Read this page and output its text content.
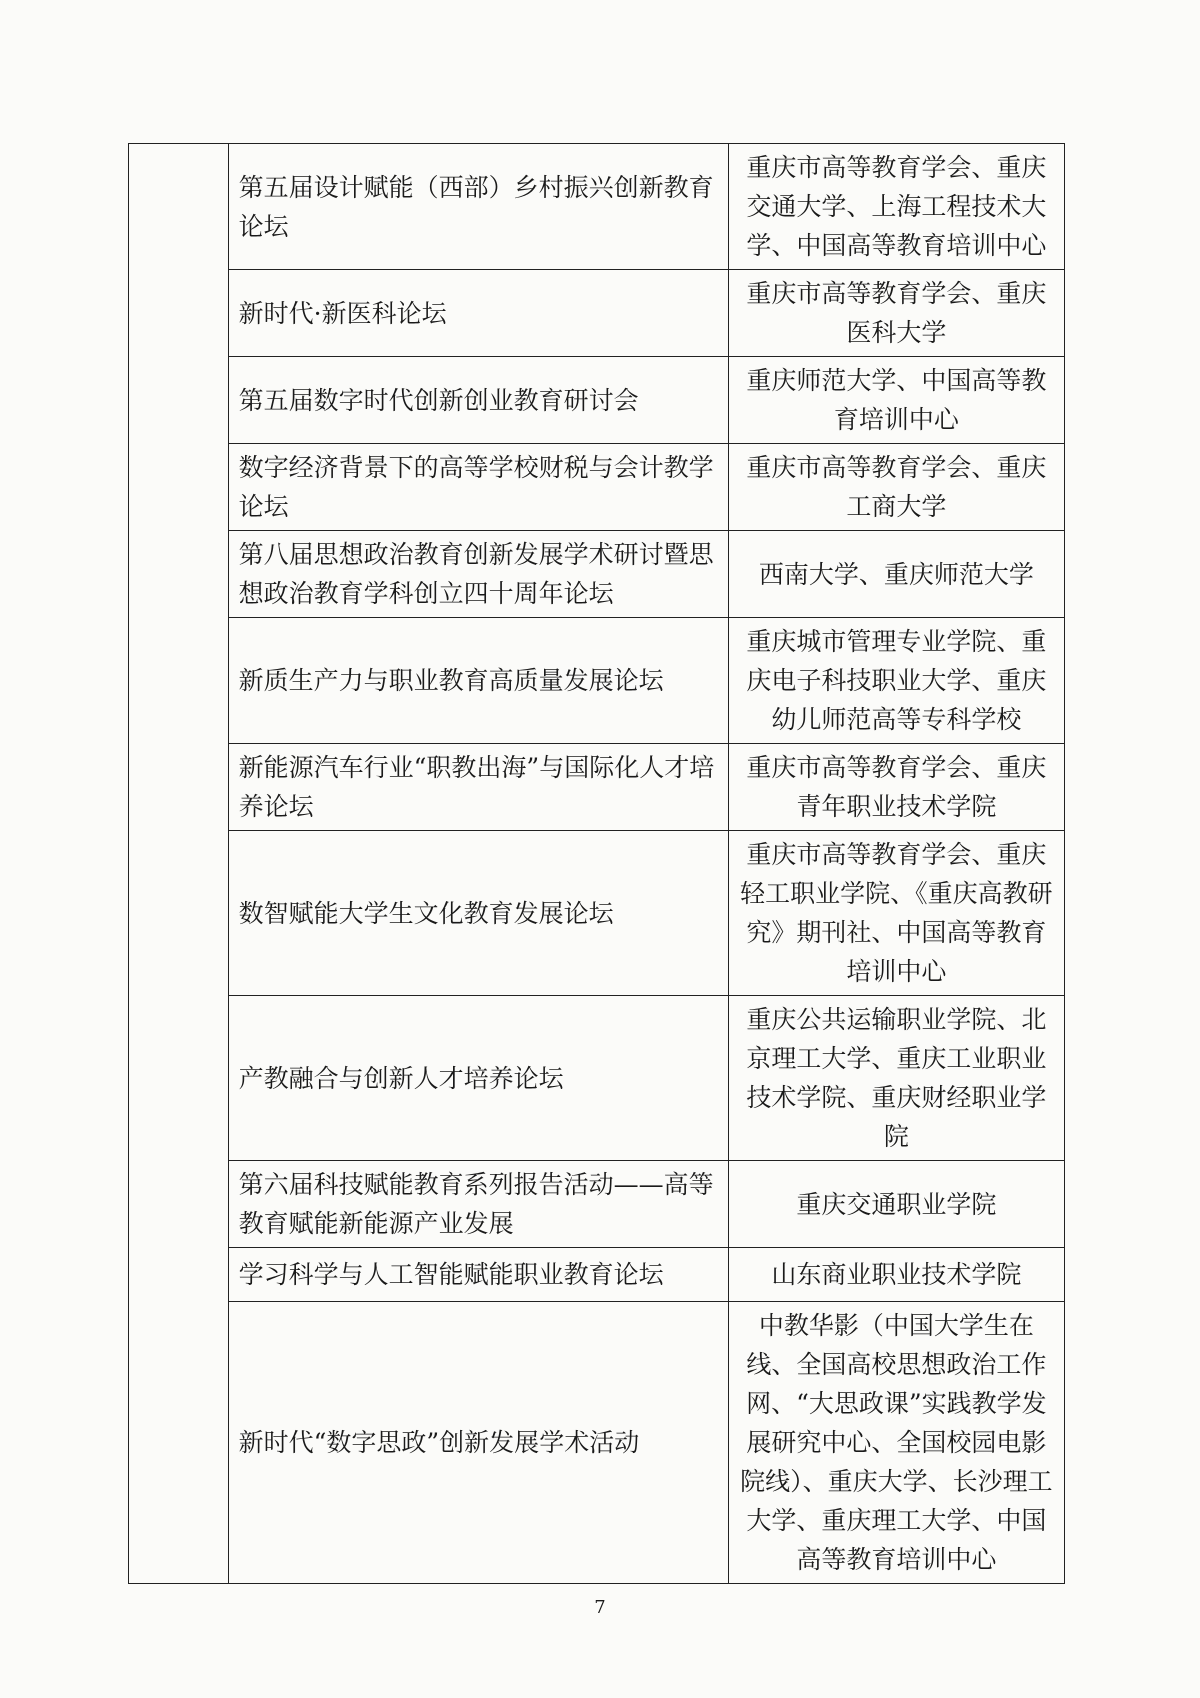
	第五届设计赋能（西部）乡村振兴创新教育论坛	重庆市高等教育学会、重庆交通大学、上海工程技术大学、中国高等教育培训中心
	新时代·新医科论坛	重庆市高等教育学会、重庆医科大学
	第五届数字时代创新创业教育研讨会	重庆师范大学、中国高等教育培训中心
	数字经济背景下的高等学校财税与会计教学论坛	重庆市高等教育学会、重庆工商大学
	第八届思想政治教育创新发展学术研讨暨思想政治教育学科创立四十周年论坛	西南大学、重庆师范大学
	新质生产力与职业教育高质量发展论坛	重庆城市管理专业学院、重庆电子科技职业大学、重庆幼儿师范高等专科学校
	新能源汽车行业“职教出海”与国际化人才培养论坛	重庆市高等教育学会、重庆青年职业技术学院
	数智赋能大学生文化教育发展论坛	重庆市高等教育学会、重庆轻工职业学院、《重庆高教研究》期刊社、中国高等教育培训中心
	产教融合与创新人才培养论坛	重庆公共运输职业学院、北京理工大学、重庆工业职业技术学院、重庆财经职业学院
	第六届科技赋能教育系列报告活动——高等教育赋能新能源产业发展	重庆交通职业学院
	学习科学与人工智能赋能职业教育论坛	山东商业职业技术学院
	新时代“数字思政”创新发展学术活动	中教华影（中国大学生在线、全国高校思想政治工作网、“大思政课”实践教学发展研究中心、全国校园电影院线）、重庆大学、长沙理工大学、重庆理工大学、中国高等教育培训中心
7
